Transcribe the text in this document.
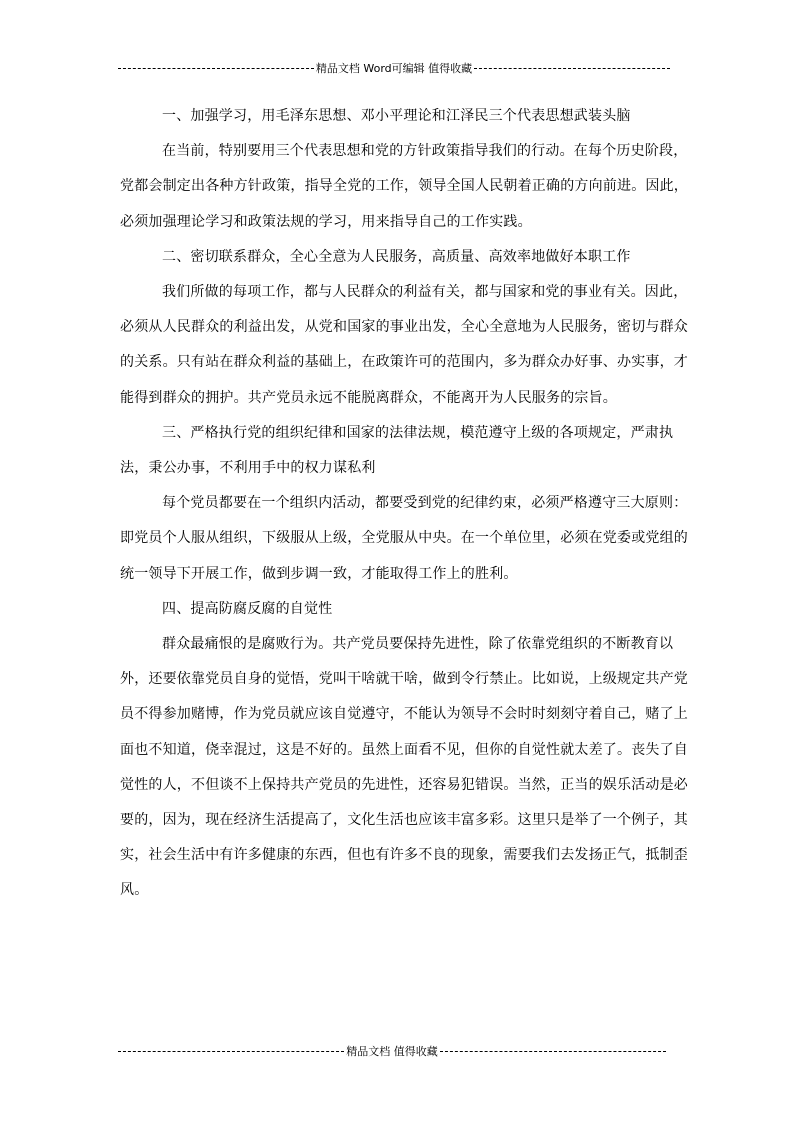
精品文档 Word可编辑 值得收藏

一、加强学习，用毛泽东思想、邓小平理论和江泽民三个代表思想武装头脑

在当前，特别要用三个代表思想和党的方针政策指导我们的行动。在每个历史阶段，党都会制定出各种方针政策，指导全党的工作，领导全国人民朝着正确的方向前进。因此，必须加强理论学习和政策法规的学习，用来指导自己的工作实践。

二、密切联系群众，全心全意为人民服务，高质量、高效率地做好本职工作

我们所做的每项工作，都与人民群众的利益有关，都与国家和党的事业有关。因此，必须从人民群众的利益出发，从党和国家的事业出发，全心全意地为人民服务，密切与群众的关系。只有站在群众利益的基础上，在政策许可的范围内，多为群众办好事、办实事，才能得到群众的拥护。共产党员永远不能脱离群众，不能离开为人民服务的宗旨。

三、严格执行党的组织纪律和国家的法律法规，模范遵守上级的各项规定，严肃执法，秉公办事，不利用手中的权力谋私利

每个党员都要在一个组织内活动，都要受到党的纪律约束，必须严格遵守三大原则：即党员个人服从组织，下级服从上级，全党服从中央。在一个单位里，必须在党委或党组的统一领导下开展工作，做到步调一致，才能取得工作上的胜利。

四、提高防腐反腐的自觉性

群众最痛恨的是腐败行为。共产党员要保持先进性，除了依靠党组织的不断教育以外，还要依靠党员自身的觉悟，党叫干啥就干啥，做到令行禁止。比如说，上级规定共产党员不得参加赌博，作为党员就应该自觉遵守，不能认为领导不会时时刻刻守着自己，赌了上面也不知道，侥幸混过，这是不好的。虽然上面看不见，但你的自觉性就太差了。丧失了自觉性的人，不但谈不上保持共产党员的先进性，还容易犯错误。当然，正当的娱乐活动是必要的，因为，现在经济生活提高了，文化生活也应该丰富多彩。这里只是举了一个例子，其实，社会生活中有许多健康的东西，但也有许多不良的现象，需要我们去发扬正气，抵制歪风。

精品文档 值得收藏
